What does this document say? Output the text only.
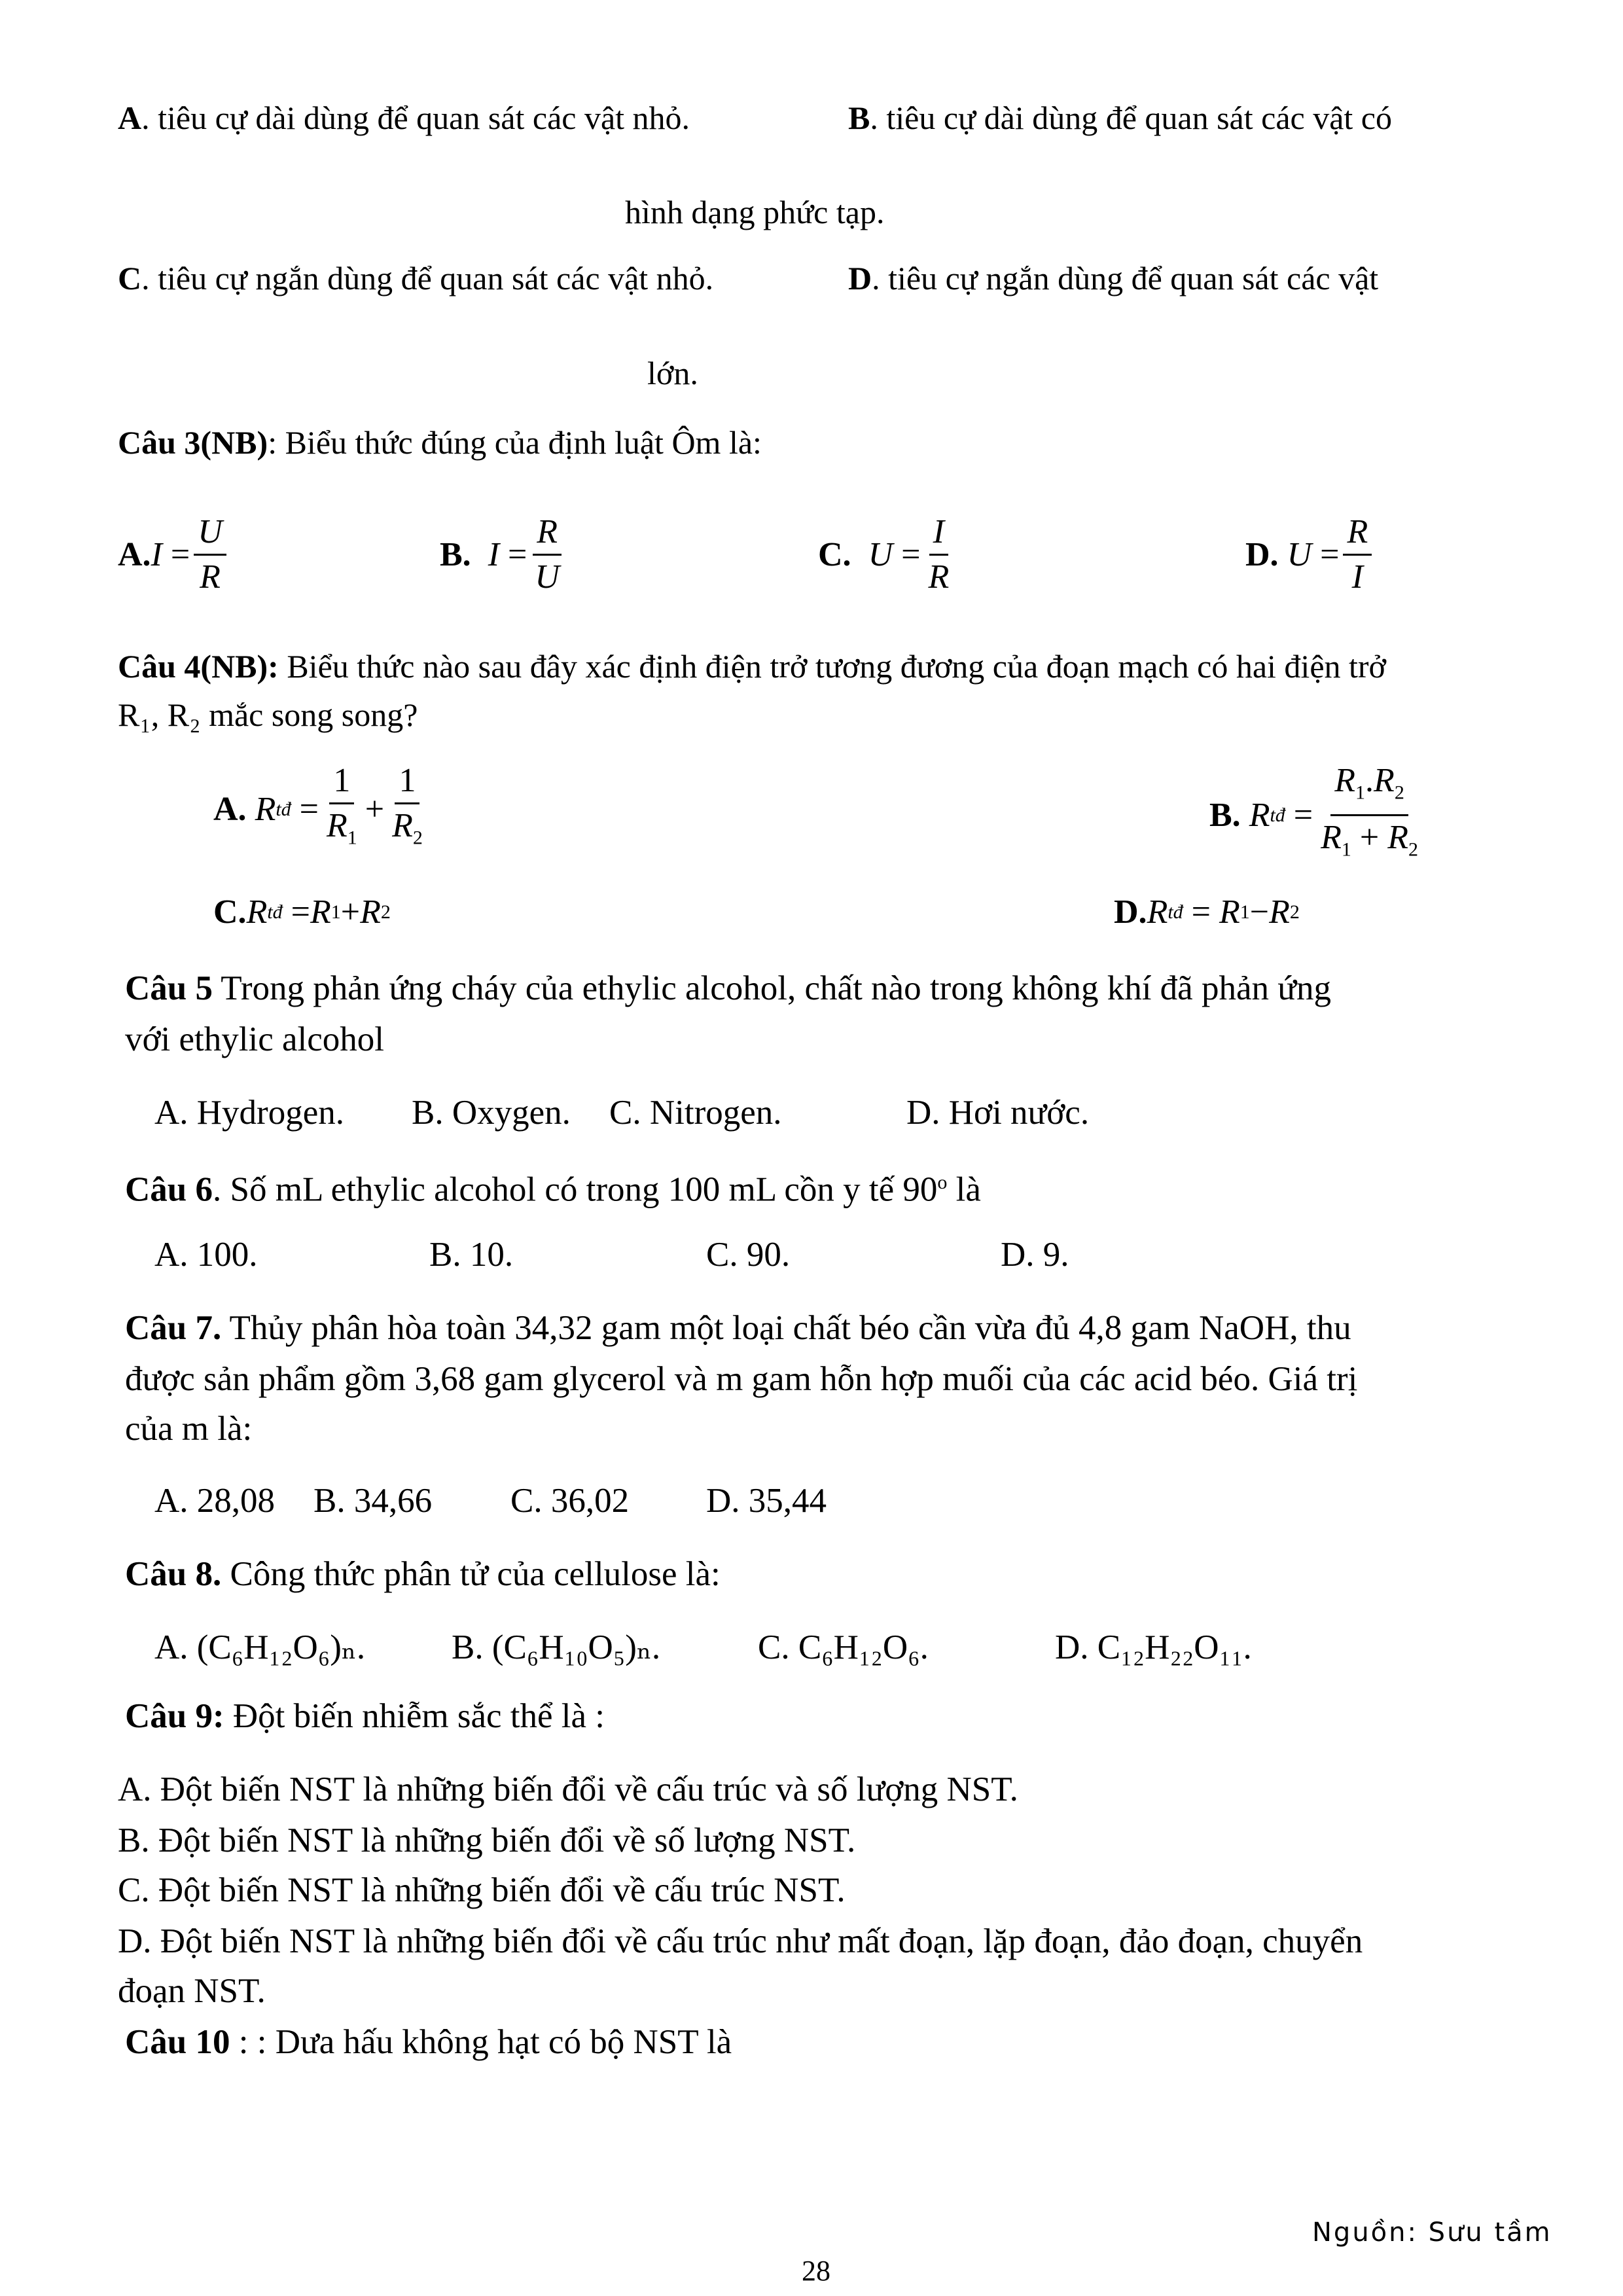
A. tiêu cự dài dùng để quan sát các vật nhỏ.	B. tiêu cự dài dùng để quan sát các vật có
hình dạng phức tạp.
C. tiêu cự ngắn dùng để quan sát các vật nhỏ.	D. tiêu cự ngắn dùng để quan sát các vật
lớn.
Câu 3(NB): Biểu thức đúng của định luật Ôm là:
A. $I = \frac{U}{R}$	B.
$I = \frac{R}{U}$	C.
$U = \frac{I}{R}$	D.
$U = \frac{R}{I}$
Câu 4(NB): Biểu thức nào sau đây xác định điện trở tương đương của đoạn mạch có hai điện trở
R₁, R₂ mắc song song?
A.
R tđ
= $\frac{1}{R_1} + \frac{1}{R_2}$	B.
R tđ
= $\frac{R_1.R_2}{R_1 + R_2}$
C. R tđ
= R 1 + R 2	D. R tđ
=
R 1 − R 2
Câu 5 Trong phản ứng cháy của ethylic alcohol, chất nào trong không khí đã phản ứng
với ethylic alcohol
A. Hydrogen. B. Oxygen. C. Nitrogen.	D. Hơi nước.
Câu 6. Số mL ethylic alcohol có trong 100 mL cồn y tế 90$^o$ là
A. 100.	B. 10.	C. 90.	D. 9.
Câu 7. Thủy phân hòa toàn 34,32 gam một loại chất béo cần vừa đủ 4,8 gam NaOH, thu
được sản phẩm gồm 3,68 gam glycerol và m gam hỗn hợp muối của các acid béo. Giá trị
của m là:
A. 28,08 B. 34,66 C. 36,02 D. 35,44
Câu 8. Công thức phân tử của cellulose là:
A. (C₆H₁₂O₆)ₙ. B. (C₆H₁₀O₅)ₙ.	C. C₆H₁₂O₆.	D. C₁₂H₂₂O₁₁.
Câu 9: Đột biến nhiễm sắc thể là :
A. Đột biến NST là những biến đổi về cấu trúc và số lượng NST.
B. Đột biến NST là những biến đổi về số lượng NST.
C. Đột biến NST là những biến đổi về cấu trúc NST.
D. Đột biến NST là những biến đổi về cấu trúc như mất đoạn, lặp đoạn, đảo đoạn, chuyển
đoạn NST.
Câu 10 : : Dưa hấu không hạt có bộ NST là
Nguồn: Sưu tầm
28
